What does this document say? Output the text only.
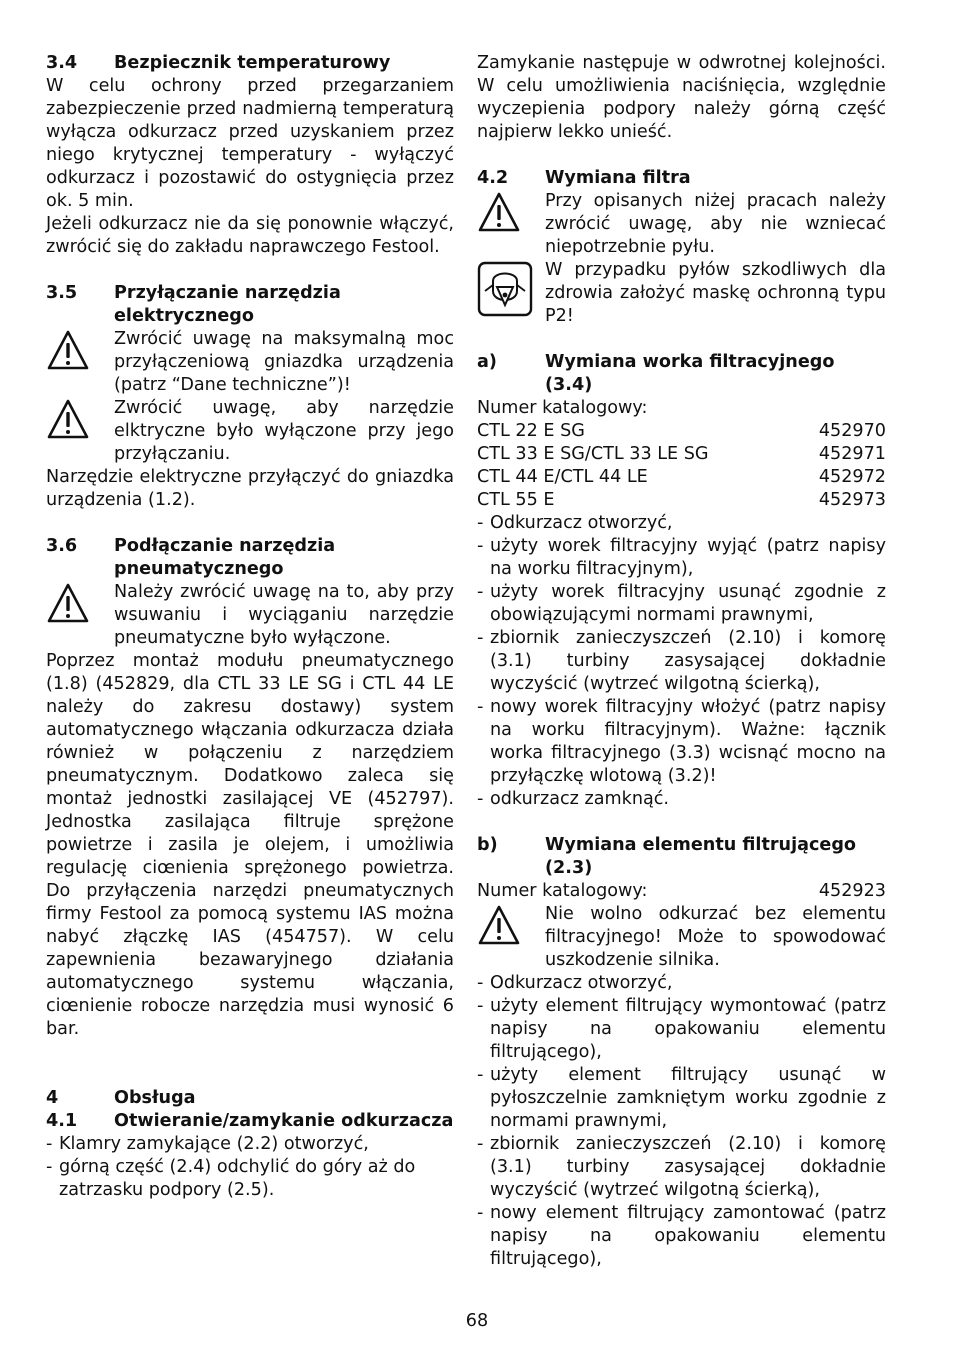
3.4 Bezpiecznik temperaturowy

W celu ochrony przed przegarzaniem zabezpieczenie przed nadmierną temperaturą wyłącza odkurzacz przed uzyskaniem przez niego krytycznej temperatury - wyłączyć odkurzacz i pozostawić do ostygnięcia przez ok. 5 min.

Jeżeli odkurzacz nie da się ponownie włączyć, zwrócić się do zakładu naprawczego Festool.

3.5 Przyłączanie narzędzia elektrycznego

Zwrócić uwagę na maksymalną moc przyłączeniową gniazdka urządzenia (patrz “Dane techniczne”)!

Zwrócić uwagę, aby narzędzie elktryczne było wyłączone przy jego przyłączaniu.

Narzędzie elektryczne przyłączyć do gniazdka urządzenia (1.2).

3.6 Podłączanie narzędzia pneumatycznego

Należy zwrócić uwagę na to, aby przy wsuwaniu i wyciąganiu narzędzie pneumatyczne było wyłączone.

Poprzez montaż modułu pneumatycznego (1.8) (452829, dla CTL 33 LE SG i CTL 44 LE należy do zakresu dostawy) system automatycznego włączania odkurzacza działa również w połączeniu z narzędziem pneumatycznym. Dodatkowo zaleca się montaż jednostki zasilającej VE (452797). Jednostka zasilająca filtruje sprężone powietrze i zasila je olejem, i umożliwia regulację ciœnienia sprężonego powietrza. Do przyłączenia narzędzi pneumatycznych firmy Festool za pomocą systemu IAS można nabyć złączkę IAS (454757). W celu zapewnienia bezawaryjnego działania automatycznego systemu włączania, ciœnienie robocze narzędzia musi wynosić 6 bar.

4	Obsługa

4.1 Otwieranie/zamykanie odkurzacza

- Klamry zamykające (2.2) otworzyć,
- górną część (2.4) odchylić do góry aż do zatrzasku podpory (2.5).

Zamykanie następuje w odwrotnej kolejności. W celu umożliwienia naciśnięcia, względnie wyczepienia podpory należy górną część najpierw lekko unieść.

4.2 Wymiana filtra

Przy opisanych niżej pracach należy zwrócić uwagę, aby nie wzniecać niepotrzebnie pyłu.

W przypadku pyłów szkodliwych dla zdrowia założyć maskę ochronną typu P2!

a)	Wymiana worka filtracyjnego (3.4)

Numer katalogowy:

CTL 22 E SG	452970
CTL 33 E SG/CTL 33 LE SG	452971
CTL 44 E/CTL 44 LE	452972
CTL 55 E	452973
- Odkurzacz otworzyć,
- użyty worek filtracyjny wyjąć (patrz napisy na worku filtracyjnym),
- użyty worek filtracyjny usunąć zgodnie z obowiązującymi normami prawnymi,
- zbiornik zanieczyszczeń (2.10) i komorę (3.1) turbiny zasysającej dokładnie wyczyścić (wytrzeć wilgotną ścierką),
- nowy worek filtracyjny włożyć (patrz napisy na worku filtracyjnym). Ważne: łącznik worka filtracyjnego (3.3) wcisnąć mocno na przyłączkę wlotową (3.2)!
- odkurzacz zamknąć.

b)	Wymiana elementu filtrującego (2.3)

Numer katalogowy:	452923

Nie wolno odkurzać bez elementu filtracyjnego! Może to spowodować uszkodzenie silnika.

- Odkurzacz otworzyć,
- użyty element filtrujący wymontować (patrz napisy na opakowaniu elementu filtrującego),
- użyty element filtrujący usunąć w pyłoszczelnie zamkniętym worku zgodnie z normami prawnymi,
- zbiornik zanieczyszczeń (2.10) i komorę (3.1) turbiny zasysającej dokładnie wyczyścić (wytrzeć wilgotną ścierką),
- nowy element filtrujący zamontować (patrz napisy na opakowaniu elementu filtrującego),
68
